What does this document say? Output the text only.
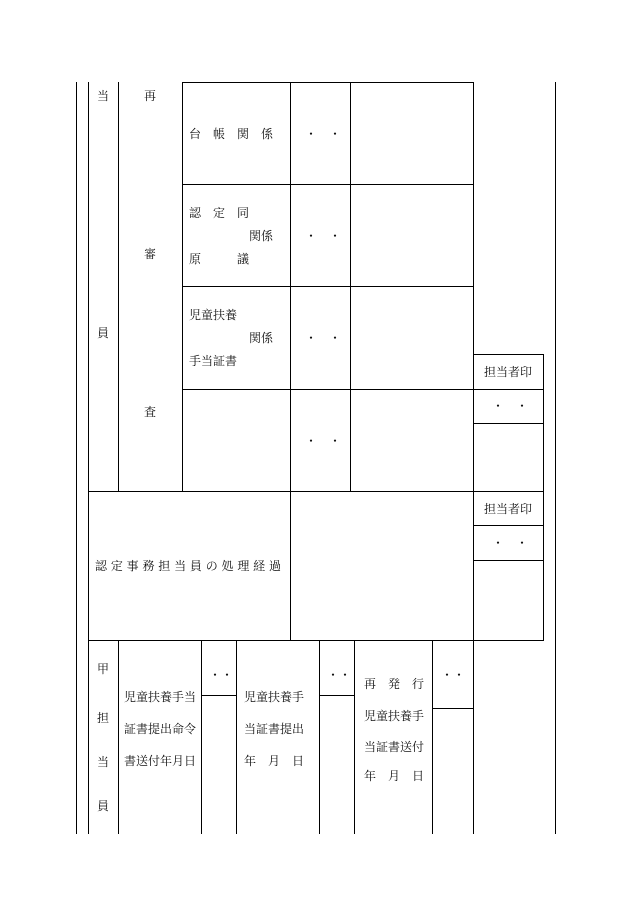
当
員
再
審
査
台　帳　関　係	・　・
認　定　同
関係
原　　　議
・　・
児童扶養
関係
手当証書
・　・
・　・
担当者印
・　・
認 定 事 務 担 当 員 の 処 理 経 過
担当者印
・　・
甲
担
当
員
児童扶養手当
証書提出命令
書送付年月日
・・
児童扶養手
当証書提出
年　月　日
・・
再　発　行
児童扶養手
当証書送付
年　月　日
・・
